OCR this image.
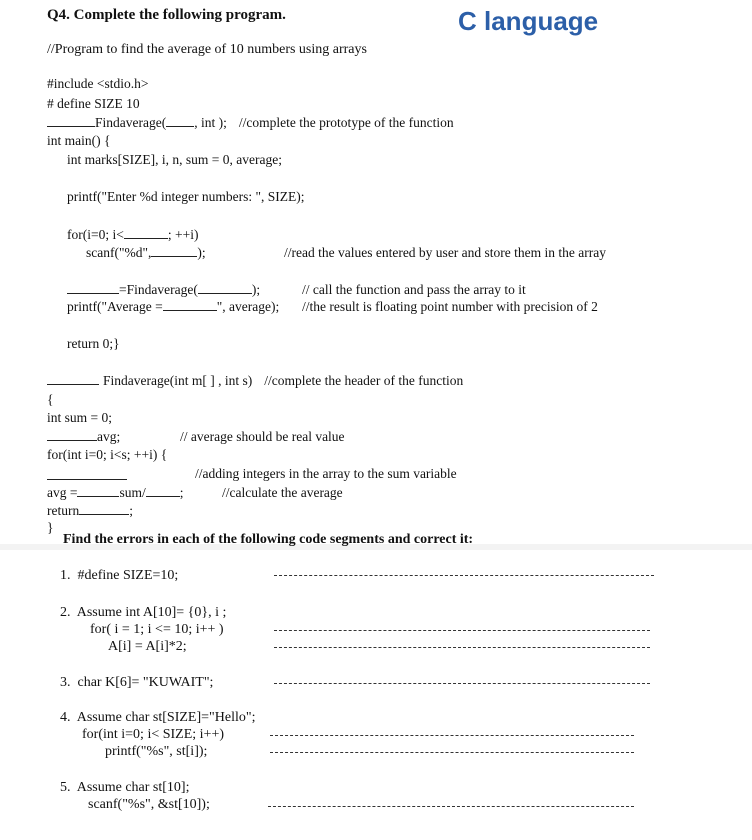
Q4. Complete the following program.	C language
//Program to find the average of 10 numbers using arrays
#include <stdio.h>
# define SIZE 10
Findaverage( , int ); //complete the prototype of the function
int main() {
int marks[SIZE], i, n, sum = 0, average;
printf("Enter %d integer numbers: ", SIZE);
for(i=0; i<	; ++i)
scanf("%d",	);	//read the values entered by user and store them in the array
=Findaverage(	);	// call the function and pass the array to it
printf("Average =	", average); //the result is floating point number with precision of 2
return 0;}
Findaverage(int m[ ] , int s) //complete the header of the function
{
int sum = 0;
avg;	// average should be real value
for(int i=0; i<s; ++i) {
//adding integers in the array to the sum variable
avg =	sum/	;	//calculate the average
return	;
}
Find the errors in each of the following code segments and correct it:
1.  #define SIZE=10;
2.  Assume int A[10]= {0}, i ;
for( i = 1; i <= 10; i++ )
A[i] = A[i]*2;
3.  char K[6]= "KUWAIT";
4.  Assume char st[SIZE]="Hello";
for(int i=0; i< SIZE; i++)
printf("%s", st[i]);
5.  Assume char st[10];
scanf("%s", &st[10]);
